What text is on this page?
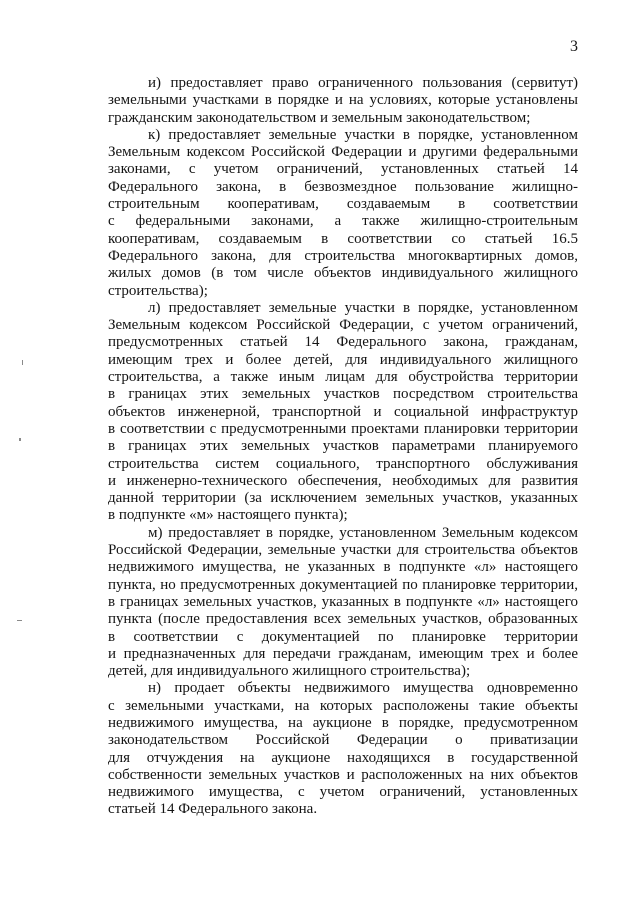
3
и) предоставляет право ограниченного пользования (сервитут)
земельными участками в порядке и на условиях, которые установлены
гражданским законодательством и земельным законодательством;
к) предоставляет земельные участки в порядке, установленном
Земельным кодексом Российской Федерации и другими федеральными
законами, с учетом ограничений, установленных статьей 14
Федерального закона, в безвозмездное пользование жилищно-
строительным кооперативам, создаваемым в соответствии
с федеральными законами, а также жилищно-строительным
кооперативам, создаваемым в соответствии со статьей 16.5
Федерального закона, для строительства многоквартирных домов,
жилых домов (в том числе объектов индивидуального жилищного
строительства);
л) предоставляет земельные участки в порядке, установленном
Земельным кодексом Российской Федерации, с учетом ограничений,
предусмотренных статьей 14 Федерального закона, гражданам,
имеющим трех и более детей, для индивидуального жилищного
строительства, а также иным лицам для обустройства территории
в границах этих земельных участков посредством строительства
объектов инженерной, транспортной и социальной инфраструктур
в соответствии с предусмотренными проектами планировки территории
в границах этих земельных участков параметрами планируемого
строительства систем социального, транспортного обслуживания
и инженерно-технического обеспечения, необходимых для развития
данной территории (за исключением земельных участков, указанных
в подпункте «м» настоящего пункта);
м) предоставляет в порядке, установленном Земельным кодексом
Российской Федерации, земельные участки для строительства объектов
недвижимого имущества, не указанных в подпункте «л» настоящего
пункта, но предусмотренных документацией по планировке территории,
в границах земельных участков, указанных в подпункте «л» настоящего
пункта (после предоставления всех земельных участков, образованных
в соответствии с документацией по планировке территории
и предназначенных для передачи гражданам, имеющим трех и более
детей, для индивидуального жилищного строительства);
н) продает объекты недвижимого имущества одновременно
с земельными участками, на которых расположены такие объекты
недвижимого имущества, на аукционе в порядке, предусмотренном
законодательством Российской Федерации о приватизации
для отчуждения на аукционе находящихся в государственной
собственности земельных участков и расположенных на них объектов
недвижимого имущества, с учетом ограничений, установленных
статьей 14 Федерального закона.
